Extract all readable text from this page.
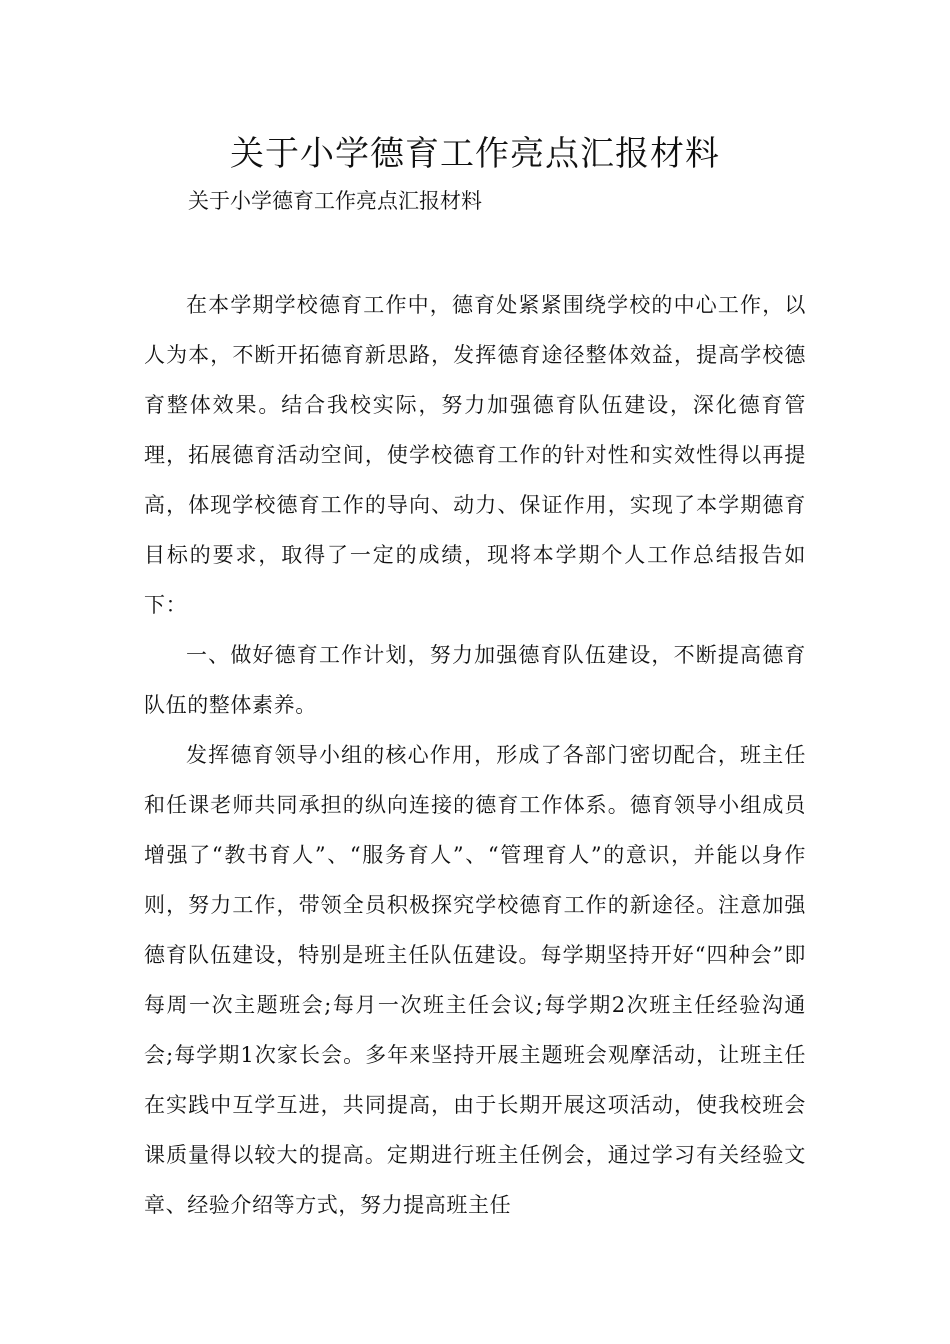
关于小学德育工作亮点汇报材料
关于小学德育工作亮点汇报材料

在本学期学校德育工作中，德育处紧紧围绕学校的中心工作，以人为本，不断开拓德育新思路，发挥德育途径整体效益，提高学校德育整体效果。结合我校实际，努力加强德育队伍建设，深化德育管理，拓展德育活动空间，使学校德育工作的针对性和实效性得以再提高，体现学校德育工作的导向、动力、保证作用，实现了本学期德育目标的要求，取得了一定的成绩，现将本学期个人工作总结报告如下：

一、做好德育工作计划，努力加强德育队伍建设，不断提高德育队伍的整体素养。

发挥德育领导小组的核心作用，形成了各部门密切配合，班主任和任课老师共同承担的纵向连接的德育工作体系。德育领导小组成员增强了“教书育人”、“服务育人”、“管理育人”的意识，并能以身作则，努力工作，带领全员积极探究学校德育工作的新途径。注意加强德育队伍建设，特别是班主任队伍建设。每学期坚持开好“四种会”即每周一次主题班会;每月一次班主任会议;每学期2次班主任经验沟通会;每学期1次家长会。多年来坚持开展主题班会观摩活动，让班主任在实践中互学互进，共同提高，由于长期开展这项活动，使我校班会课质量得以较大的提高。定期进行班主任例会，通过学习有关经验文章、经验介绍等方式，努力提高班主任
